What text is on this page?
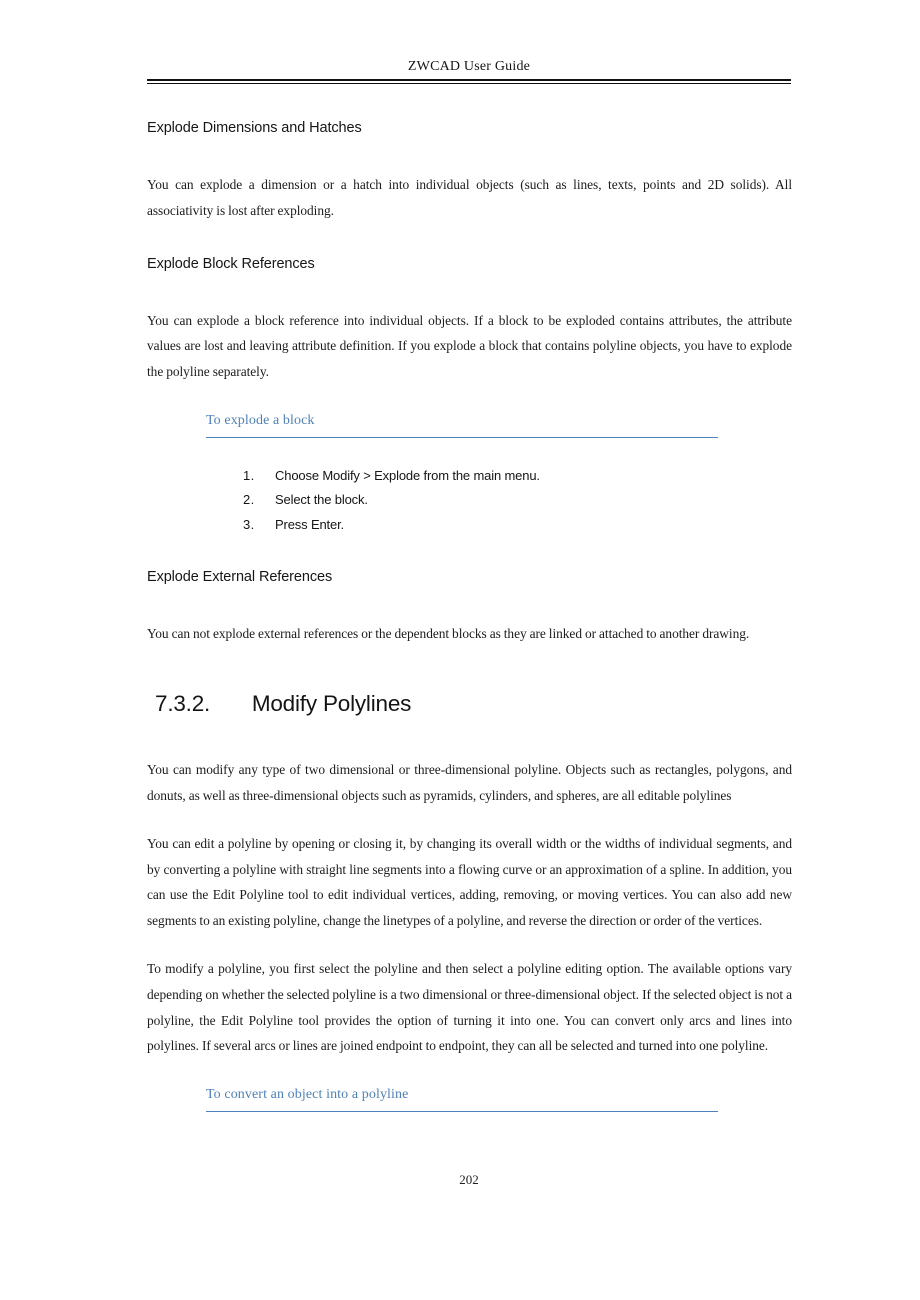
ZWCAD User Guide
Explode Dimensions and Hatches

You can explode a dimension or a hatch into individual objects (such as lines, texts, points and 2D solids). All associativity is lost after exploding.

Explode Block References

You can explode a block reference into individual objects. If a block to be exploded contains attributes, the attribute values are lost and leaving attribute definition. If you explode a block that contains polyline objects, you have to explode the polyline separately.

To explode a block
1.	Choose Modify > Explode from the main menu.
2.	Select the block.
3.	Press Enter.
Explode External References

You can not explode external references or the dependent blocks as they are linked or attached to another drawing.

7.3.2.	Modify Polylines

You can modify any type of two dimensional or three-dimensional polyline. Objects such as rectangles, polygons, and donuts, as well as three-dimensional objects such as pyramids, cylinders, and spheres, are all editable polylines

You can edit a polyline by opening or closing it, by changing its overall width or the widths of individual segments, and by converting a polyline with straight line segments into a flowing curve or an approximation of a spline. In addition, you can use the Edit Polyline tool to edit individual vertices, adding, removing, or moving vertices. You can also add new segments to an existing polyline, change the linetypes of a polyline, and reverse the direction or order of the vertices.

To modify a polyline, you first select the polyline and then select a polyline editing option. The available options vary depending on whether the selected polyline is a two dimensional or three-dimensional object. If the selected object is not a polyline, the Edit Polyline tool provides the option of turning it into one. You can convert only arcs and lines into polylines. If several arcs or lines are joined endpoint to endpoint, they can all be selected and turned into one polyline.

To convert an object into a polyline
202
